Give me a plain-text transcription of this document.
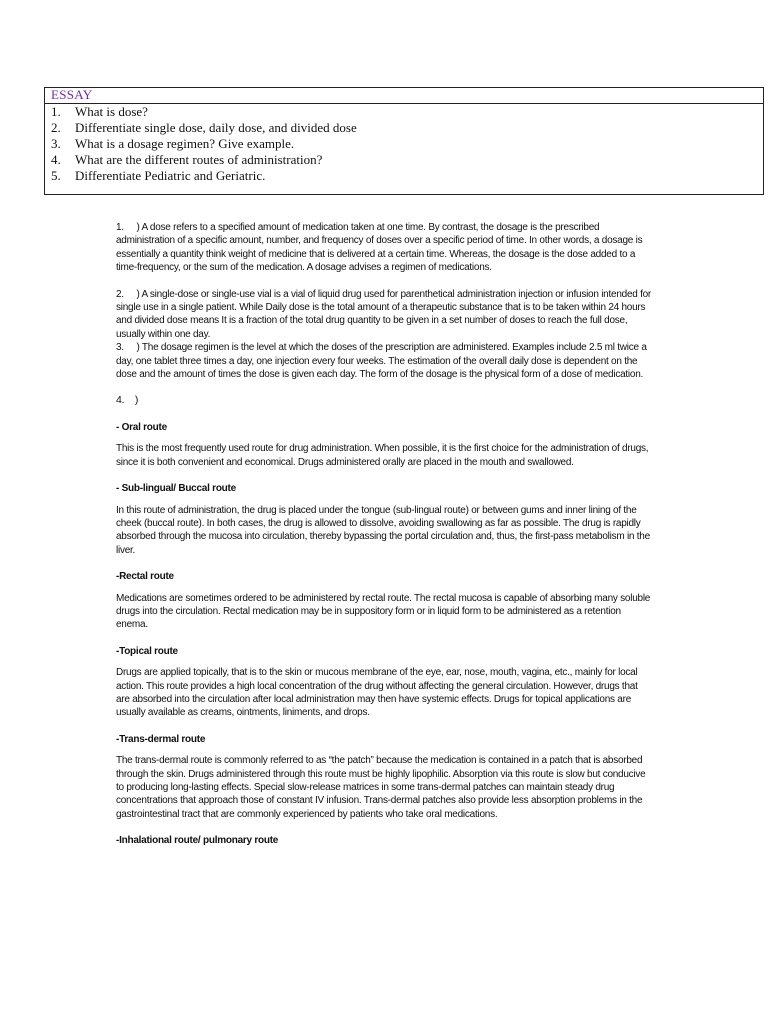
ESSAY
1.	What is dose?
2.	Differentiate single dose, daily dose, and divided dose
3.	What is a dosage regimen? Give example.
4.	What are the different routes of administration?
5.	Differentiate Pediatric and Geriatric.

1.     ) A dose refers to a specified amount of medication taken at one time. By contrast, the dosage is the prescribed administration of a specific amount, number, and frequency of doses over a specific period of time. In other words, a dosage is essentially a quantity think weight of medicine that is delivered at a certain time. Whereas, the dosage is the dose added to a time-frequency, or the sum of the medication. A dosage advises a regimen of medications.

2.     ) A single-dose or single-use vial is a vial of liquid drug used for parenthetical administration injection or infusion intended for single use in a single patient. While Daily dose is the total amount of a therapeutic substance that is to be taken within 24 hours and divided dose means It is a fraction of the total drug quantity to be given in a set number of doses to reach the full dose, usually within one day.

3.     ) The dosage regimen is the level at which the doses of the prescription are administered. Examples include 2.5 ml twice a day, one tablet three times a day, one injection every four weeks. The estimation of the overall daily dose is dependent on the dose and the amount of times the dose is given each day. The form of the dosage is the physical form of a dose of medication.

4.    )

- Oral route

This is the most frequently used route for drug administration. When possible, it is the first choice for the administration of drugs, since it is both convenient and economical. Drugs administered orally are placed in the mouth and swallowed.

- Sub-lingual/ Buccal route

In this route of administration, the drug is placed under the tongue (sub-lingual route) or between gums and inner lining of the cheek (buccal route). In both cases, the drug is allowed to dissolve, avoiding swallowing as far as possible. The drug is rapidly absorbed through the mucosa into circulation, thereby bypassing the portal circulation and, thus, the first-pass metabolism in the liver.

-Rectal route

Medications are sometimes ordered to be administered by rectal route. The rectal mucosa is capable of absorbing many soluble drugs into the circulation. Rectal medication may be in suppository form or in liquid form to be administered as a retention enema.

-Topical route

Drugs are applied topically, that is to the skin or mucous membrane of the eye, ear, nose, mouth, vagina, etc., mainly for local action. This route provides a high local concentration of the drug without affecting the general circulation. However, drugs that are absorbed into the circulation after local administration may then have systemic effects. Drugs for topical applications are usually available as creams, ointments, liniments, and drops.

-Trans-dermal route

The trans-dermal route is commonly referred to as “the patch” because the medication is contained in a patch that is absorbed through the skin. Drugs administered through this route must be highly lipophilic. Absorption via this route is slow but conducive to producing long-lasting effects. Special slow-release matrices in some trans-dermal patches can maintain steady drug concentrations that approach those of constant IV infusion. Trans-dermal patches also provide less absorption problems in the gastrointestinal tract that are commonly experienced by patients who take oral medications.

-Inhalational route/ pulmonary route
